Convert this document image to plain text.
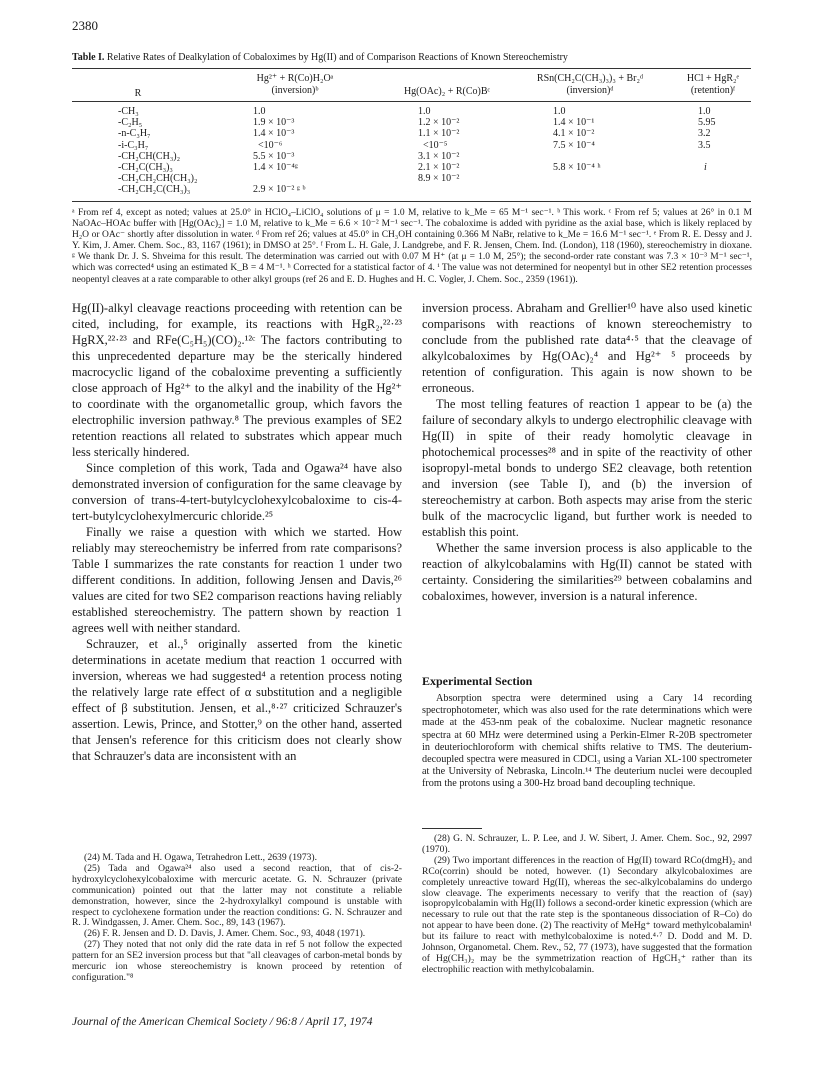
2380
Table I. Relative Rates of Dealkylation of Cobaloximes by Hg(II) and of Comparison Reactions of Known Stereochemistry
R
Hg²⁺ + R(Co)H₂Oᵃ
(inversion)ᵇ	Hg(OAc)₂ + R(Co)Bᶜ
RSn(CH₂C(CH₃)₃)₃ + Br₂ᵈ
(inversion)ᵈ
HCl + HgR₂ᵉ
(retention)ᶠ
-CH₃
-C₂H₅
-n-C₃H₇
-i-C₃H₇
-CH₂CH(CH₃)₂
-CH₂C(CH₃)₃
-CH₂CH₂CH(CH₃)₂
-CH₂CH₂C(CH₃)₃
1.0
1.9 × 10⁻³
1.4 × 10⁻³
<10⁻⁶
5.5 × 10⁻³
1.4 × 10⁻⁴ᵍ
2.9 × 10⁻² ᵍ ᵇ
1.0
1.2 × 10⁻²
1.1 × 10⁻²
<10⁻⁵
3.1 × 10⁻²
2.1 × 10⁻²
8.9 × 10⁻²
1.0
1.4 × 10⁻¹
4.1 × 10⁻²
7.5 × 10⁻⁴
5.8 × 10⁻⁴ ʰ
1.0
5.95
3.2
3.5
i
ᵃ From ref 4, except as noted; values at 25.0° in HClO₄–LiClO₄ solutions of μ = 1.0 M, relative to k_Me = 65 M⁻¹ sec⁻¹. ᵇ This work. ᶜ From ref 5; values at 26° in 0.1 M NaOAc–HOAc buffer with [Hg(OAc)₂] = 1.0 M, relative to k_Me = 6.6 × 10⁻² M⁻¹ sec⁻¹. The cobaloxime is added with pyridine as the axial base, which is likely replaced by H₂O or OAc⁻ shortly after dissolution in water. ᵈ From ref 26; values at 45.0° in CH₃OH containing 0.366 M NaBr, relative to k_Me = 16.6 M⁻¹ sec⁻¹. ᵉ From R. E. Dessy and J. Y. Kim, J. Amer. Chem. Soc., 83, 1167 (1961); in DMSO at 25°. ᶠ From L. H. Gale, J. Landgrebe, and F. R. Jensen, Chem. Ind. (London), 118 (1960), stereochemistry in dioxane. ᵍ We thank Dr. J. S. Shveima for this result. The determination was carried out with 0.07 M H⁺ (at μ = 1.0 M, 25°); the second-order rate constant was 7.3 × 10⁻³ M⁻¹ sec⁻¹, which was corrected⁴ using an estimated K_B = 4 M⁻¹. ʰ Corrected for a statistical factor of 4. ⁱ The value was not determined for neopentyl but in other SE2 retention processes neopentyl cleaves at a rate comparable to other alkyl groups (ref 26 and E. D. Hughes and H. C. Vogler, J. Chem. Soc., 2359 (1961)).

Hg(II)-alkyl cleavage reactions proceeding with retention can be cited, including, for example, its reactions with HgR₂,²²·²³ HgRX,²²·²³ and RFe(C₅H₅)(CO)₂.¹²ᶜ The factors contributing to this unprecedented departure may be the sterically hindered macrocyclic ligand of the cobaloxime preventing a sufficiently close approach of Hg²⁺ to the alkyl and the inability of the Hg²⁺ to coordinate with the organometallic group, which favors the electrophilic inversion pathway.⁸ The previous examples of SE2 retention reactions all related to substrates which appear much less sterically hindered.

Since completion of this work, Tada and Ogawa²⁴ have also demonstrated inversion of configuration for the same cleavage by conversion of trans-4-tert-butylcyclohexylcobaloxime to cis-4-tert-butylcyclohexylmercuric chloride.²⁵

Finally we raise a question with which we started. How reliably may stereochemistry be inferred from rate comparisons? Table I summarizes the rate constants for reaction 1 under two different conditions. In addition, following Jensen and Davis,²⁶ values are cited for two SE2 comparison reactions having reliably established stereochemistry. The pattern shown by reaction 1 agrees well with neither standard.

Schrauzer, et al.,⁵ originally asserted from the kinetic determinations in acetate medium that reaction 1 occurred with inversion, whereas we had suggested⁴ a retention process noting the relatively large rate effect of α substitution and a negligible effect of β substitution. Jensen, et al.,⁸·²⁷ criticized Schrauzer's assertion. Lewis, Prince, and Stotter,⁹ on the other hand, asserted that Jensen's reference for this criticism does not clearly show that Schrauzer's data are inconsistent with an

inversion process. Abraham and Grellier¹⁰ have also used kinetic comparisons with reactions of known stereochemistry to conclude from the published rate data⁴·⁵ that the cleavage of alkylcobaloximes by Hg(OAc)₂⁴ and Hg²⁺ ⁵ proceeds by retention of configuration. This again is now shown to be erroneous.

The most telling features of reaction 1 appear to be (a) the failure of secondary alkyls to undergo electrophilic cleavage with Hg(II) in spite of their ready homolytic cleavage in photochemical processes²⁸ and in spite of the reactivity of other isopropyl-metal bonds to undergo SE2 cleavage, both retention and inversion (see Table I), and (b) the inversion of stereochemistry at carbon. Both aspects may arise from the steric bulk of the macrocyclic ligand, but further work is needed to establish this point.

Whether the same inversion process is also applicable to the reaction of alkylcobalamins with Hg(II) cannot be stated with certainty. Considering the similarities²⁹ between cobalamins and cobaloximes, however, inversion is a natural inference.

Experimental Section

Absorption spectra were determined using a Cary 14 recording spectrophotometer, which was also used for the rate determinations which were made at the 453-nm peak of the cobaloxime. Nuclear magnetic resonance spectra at 60 MHz were determined using a Perkin-Elmer R-20B spectrometer in deuteriochloroform with chemical shifts relative to TMS. The deuterium-decoupled spectra were measured in CDCl₃ using a Varian XL-100 spectrometer at the University of Nebraska, Lincoln.¹⁴ The deuterium nuclei were decoupled from the protons using a 300-Hz broad band decoupling technique.

(24) M. Tada and H. Ogawa, Tetrahedron Lett., 2639 (1973).

(25) Tada and Ogawa²⁴ also used a second reaction, that of cis-2-hydroxylcyclohexylcobaloxime with mercuric acetate. G. N. Schrauzer (private communication) pointed out that the latter may not constitute a reliable demonstration, however, since the 2-hydroxylalkyl compound is unstable with respect to cyclohexene formation under the reaction conditions: G. N. Schrauzer and R. J. Windgassen, J. Amer. Chem. Soc., 89, 143 (1967).

(26) F. R. Jensen and D. D. Davis, J. Amer. Chem. Soc., 93, 4048 (1971).

(27) They noted that not only did the rate data in ref 5 not follow the expected pattern for an SE2 inversion process but that "all cleavages of carbon-metal bonds by mercuric ion whose stereochemistry is known proceed by retention of configuration."⁸

(28) G. N. Schrauzer, L. P. Lee, and J. W. Sibert, J. Amer. Chem. Soc., 92, 2997 (1970).

(29) Two important differences in the reaction of Hg(II) toward RCo(dmgH)₂ and RCo(corrin) should be noted, however. (1) Secondary alkylcobaloximes are completely unreactive toward Hg(II), whereas the sec-alkylcobalamins do undergo slow cleavage. The experiments necessary to verify that the reaction of (say) isopropylcobalamin with Hg(II) follows a second-order kinetic expression (which are necessary to rule out that the rate step is the spontaneous dissociation of R–Co) do not appear to have been done. (2) The reactivity of MeHg⁺ toward methylcobalamin¹ but its failure to react with methylcobaloxime is noted.⁴·⁷ D. Dodd and M. D. Johnson, Organometal. Chem. Rev., 52, 77 (1973), have suggested that the formation of Hg(CH₃)₂ may be the symmetrization reaction of HgCH₃⁺ rather than its electrophilic reaction with methylcobalamin.

Journal of the American Chemical Society / 96:8 / April 17, 1974
